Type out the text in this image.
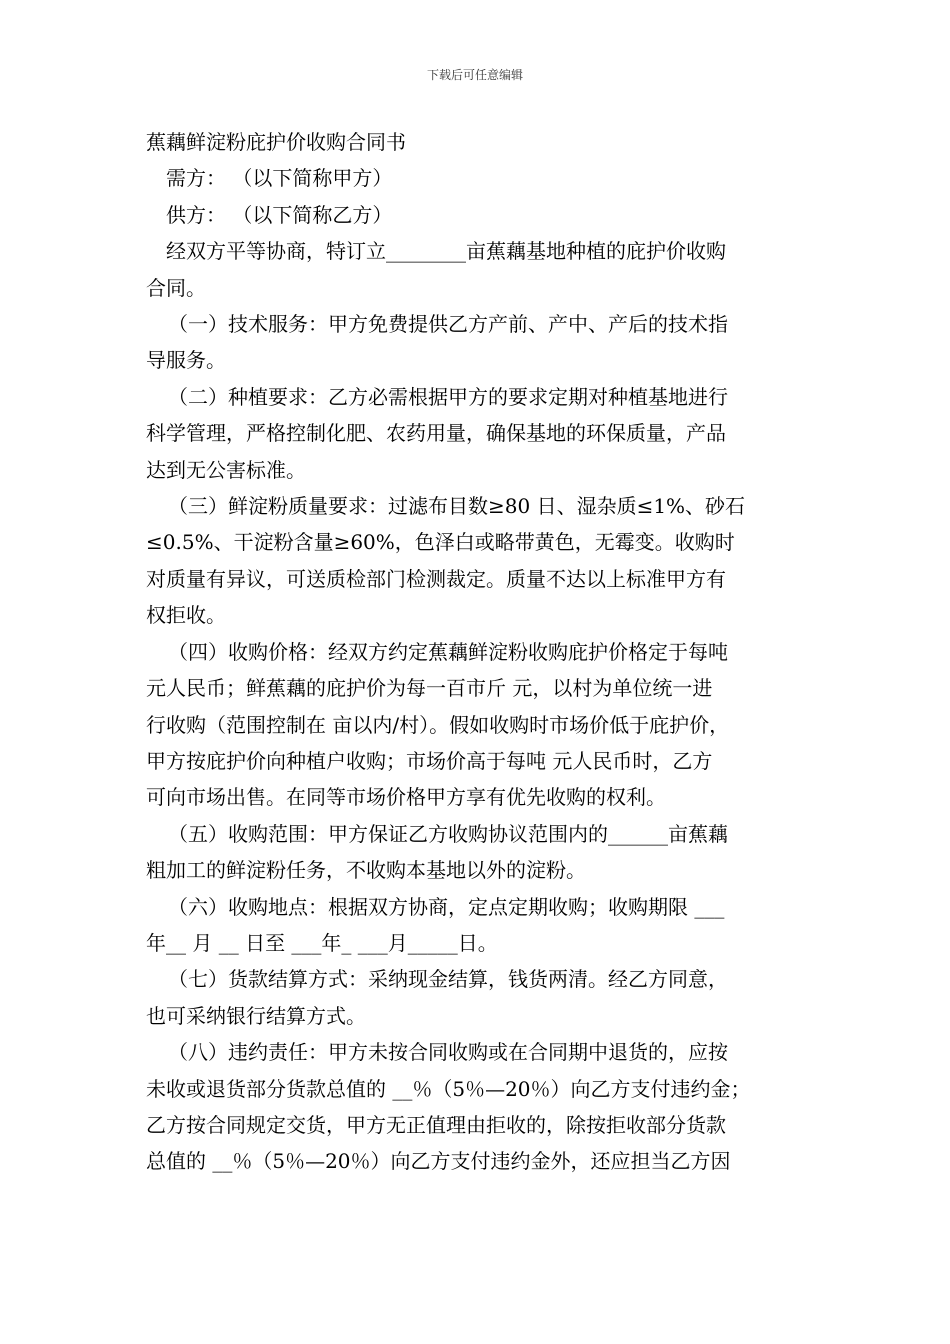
下载后可任意编辑

蕉藕鲜淀粉庇护价收购合同书

需方： （以下简称甲方）

供方： （以下简称乙方）

经双方平等协商，特订立________亩蕉藕基地种植的庇护价收购

合同。

（一）技术服务：甲方免费提供乙方产前、产中、产后的技术指

导服务。

（二）种植要求：乙方必需根据甲方的要求定期对种植基地进行

科学管理，严格控制化肥、农药用量，确保基地的环保质量，产品

达到无公害标准。

（三）鲜淀粉质量要求：过滤布目数≥80 日、湿杂质≤1%、砂石

≤0.5%、干淀粉含量≥60%，色泽白或略带黄色，无霉变。收购时

对质量有异议，可送质检部门检测裁定。质量不达以上标准甲方有

权拒收。

（四）收购价格：经双方约定蕉藕鲜淀粉收购庇护价格定于每吨

元人民币；鲜蕉藕的庇护价为每一百市斤 元，以村为单位统一进

行收购（范围控制在 亩以内/村）。假如收购时市场价低于庇护价，

甲方按庇护价向种植户收购；市场价高于每吨 元人民币时，乙方

可向市场出售。在同等市场价格甲方享有优先收购的权利。

（五）收购范围：甲方保证乙方收购协议范围内的______亩蕉藕

粗加工的鲜淀粉任务，不收购本基地以外的淀粉。

（六）收购地点：根据双方协商，定点定期收购；收购期限 ___

年__ 月 __ 日至 ___年_ ___月_____日。

（七）货款结算方式：采纳现金结算，钱货两清。经乙方同意，

也可采纳银行结算方式。

（八）违约责任：甲方未按合同收购或在合同期中退货的，应按

未收或退货部分货款总值的 __％（5％—20％）向乙方支付违约金；

乙方按合同规定交货，甲方无正值理由拒收的，除按拒收部分货款

总值的 __％（5％—20％）向乙方支付违约金外，还应担当乙方因
